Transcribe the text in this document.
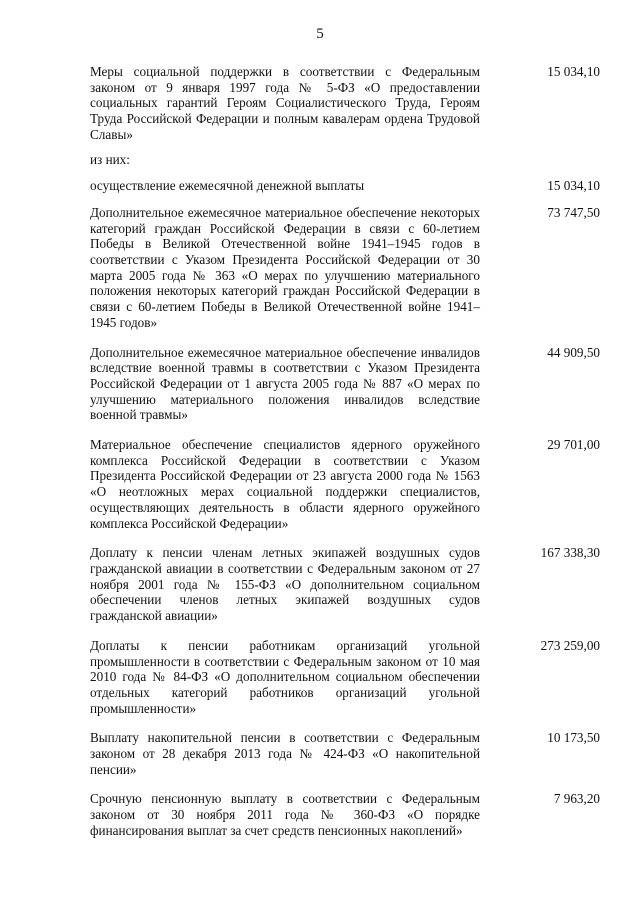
5
Меры социальной поддержки в соответствии с Федеральным законом от 9 января 1997 года № 5-ФЗ «О предоставлении социальных гарантий Героям Социалистического Труда, Героям Труда Российской Федерации и полным кавалерам ордена Трудовой Славы»
15 034,10
из них:
осуществление ежемесячной денежной выплаты	15 034,10
Дополнительное ежемесячное материальное обеспечение некоторых категорий граждан Российской Федерации в связи с 60-летием Победы в Великой Отечественной войне 1941–1945 годов в соответствии с Указом Президента Российской Федерации от 30 марта 2005 года № 363 «О мерах по улучшению материального положения некоторых категорий граждан Российской Федерации в связи с 60-летием Победы в Великой Отечественной войне 1941–1945 годов»
73 747,50
Дополнительное ежемесячное материальное обеспечение инвалидов вследствие военной травмы в соответствии с Указом Президента Российской Федерации от 1 августа 2005 года № 887 «О мерах по улучшению материального положения инвалидов вследствие военной травмы»
44 909,50
Материальное обеспечение специалистов ядерного оружейного комплекса Российской Федерации в соответствии с Указом Президента Российской Федерации от 23 августа 2000 года № 1563 «О неотложных мерах социальной поддержки специалистов, осуществляющих деятельность в области ядерного оружейного комплекса Российской Федерации»
29 701,00
Доплату к пенсии членам летных экипажей воздушных судов гражданской авиации в соответствии с Федеральным законом от 27 ноября 2001 года № 155-ФЗ «О дополнительном социальном обеспечении членов летных экипажей воздушных судов гражданской авиации»
167 338,30
Доплаты к пенсии работникам организаций угольной промышленности в соответствии с Федеральным законом от 10 мая 2010 года № 84-ФЗ «О дополнительном социальном обеспечении отдельных категорий работников организаций угольной промышленности»
273 259,00
Выплату накопительной пенсии в соответствии с Федеральным законом от 28 декабря 2013 года № 424-ФЗ «О накопительной пенсии»
10 173,50
Срочную пенсионную выплату в соответствии с Федеральным законом от 30 ноября 2011 года № 360-ФЗ «О порядке финансирования выплат за счет средств пенсионных накоплений»
7 963,20
